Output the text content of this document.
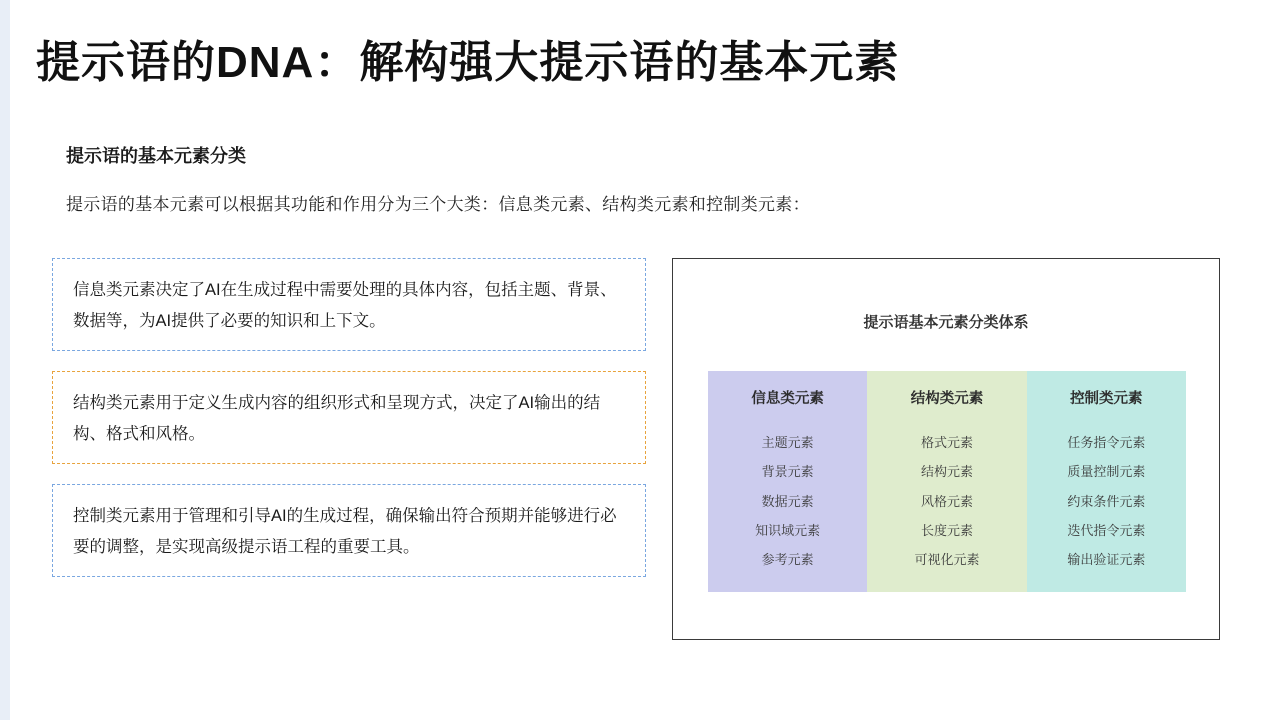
提示语的DNA：解构强大提示语的基本元素
提示语的基本元素分类
提示语的基本元素可以根据其功能和作用分为三个大类：信息类元素、结构类元素和控制类元素：
信息类元素决定了AI在生成过程中需要处理的具体内容，包括主题、背景、数据等，为AI提供了必要的知识和上下文。
结构类元素用于定义生成内容的组织形式和呈现方式，决定了AI输出的结构、格式和风格。
控制类元素用于管理和引导AI的生成过程，确保输出符合预期并能够进行必要的调整，是实现高级提示语工程的重要工具。
提示语基本元素分类体系
信息类元素
主题元素
背景元素
数据元素
知识域元素
参考元素
结构类元素
格式元素
结构元素
风格元素
长度元素
可视化元素
控制类元素
任务指令元素
质量控制元素
约束条件元素
迭代指令元素
输出验证元素
